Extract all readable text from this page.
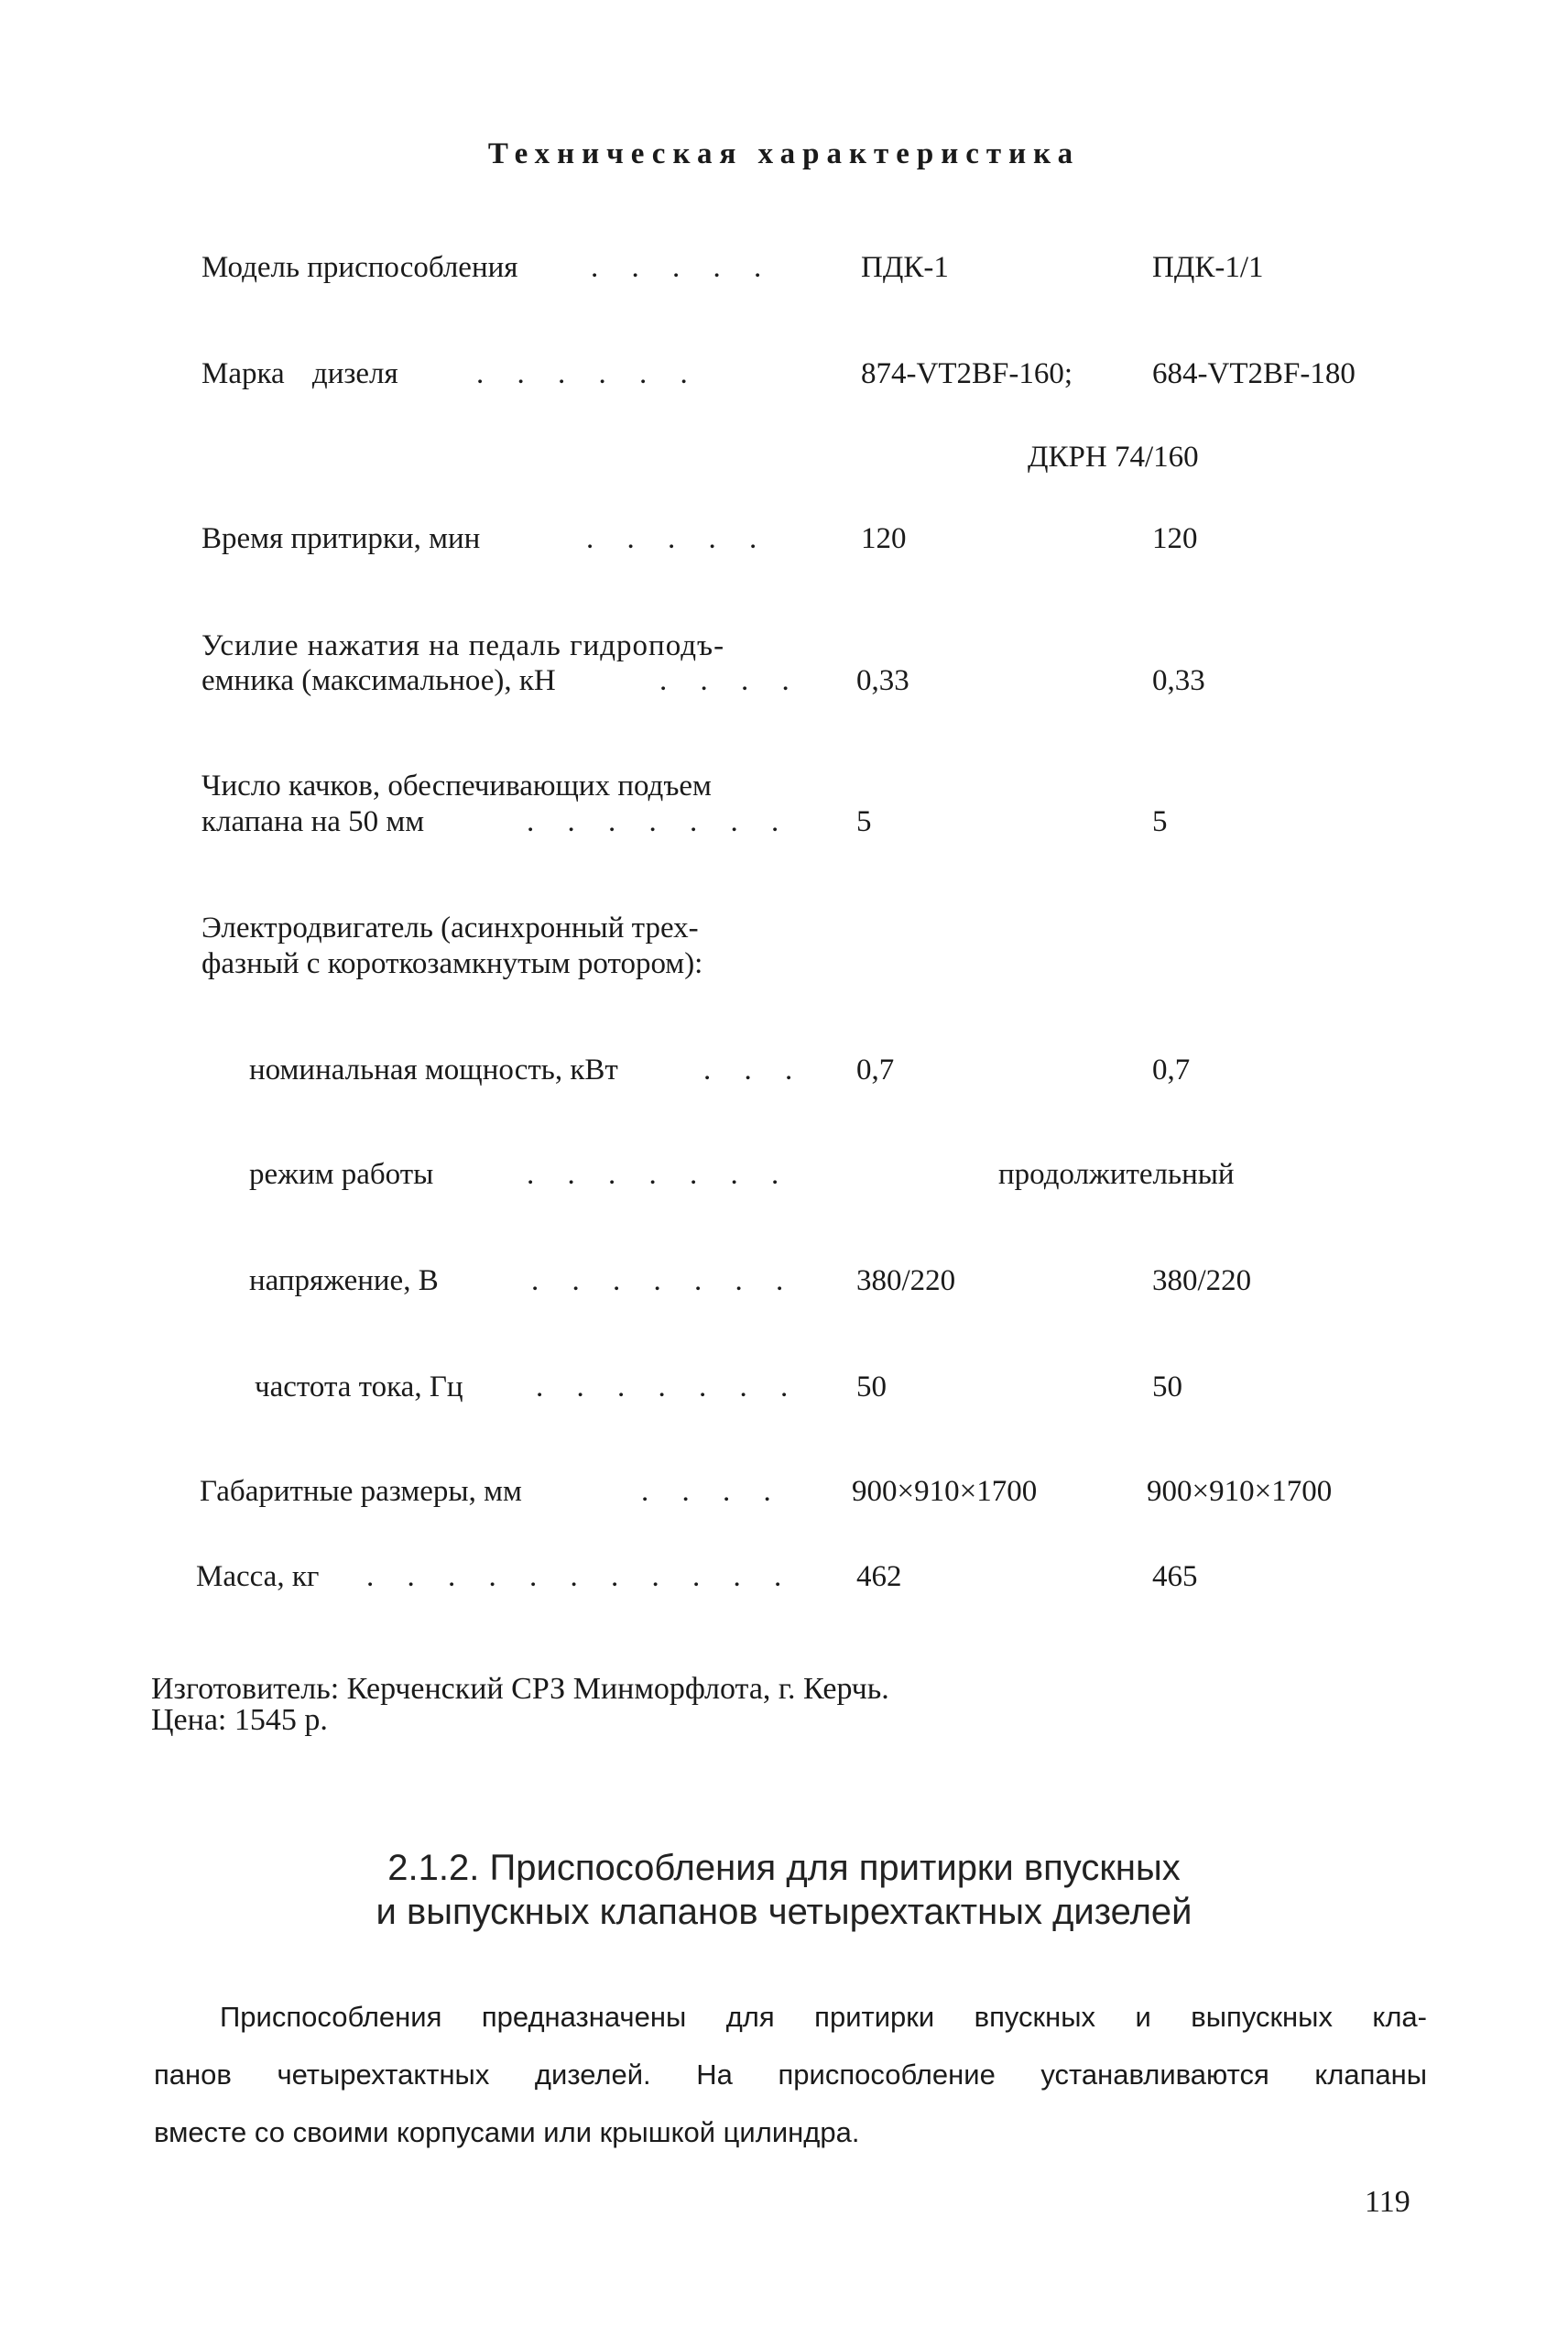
Техническая характеристика
Модель приспособления . . . . .	ПДК-1	ПДК-1/1
Марка дизеля	. . . . . .	874-VT2BF-160;	684-VT2BF-180
ДКРН 74/160
Время притирки, мин	. . . . .	120	120
Усилие нажатия на педаль гидроподъ-
емника (максимальное), кН	. . . . 0,33	0,33
Число качков, обеспечивающих подъем
клапана на 50 мм	. . . . . . . 5	5
Электродвигатель (асинхронный трех-
фазный с короткозамкнутым ротором):
номинальная мощность, кВт	. . . 0,7	0,7
режим работы	. . . . . . .	продолжительный
напряжение, В	. . . . . . . 380/220	380/220
частота тока, Гц . . . . . . . 50	50
Габаритные размеры, мм	. . . . 900×910×1700	900×910×1700
Масса, кг . . . . . . . . . . . 462	465
Изготовитель: Керченский СРЗ Минморфлота, г. Керчь.
Цена: 1545 р.
2.1.2. Приспособления для притирки впускных
и выпускных клапанов четырехтактных дизелей
Приспособления предназначены для притирки впускных и выпускных кла-
панов четырехтактных дизелей. На приспособление устанавливаются клапаны
вместе со своими корпусами или крышкой цилиндра.
119
